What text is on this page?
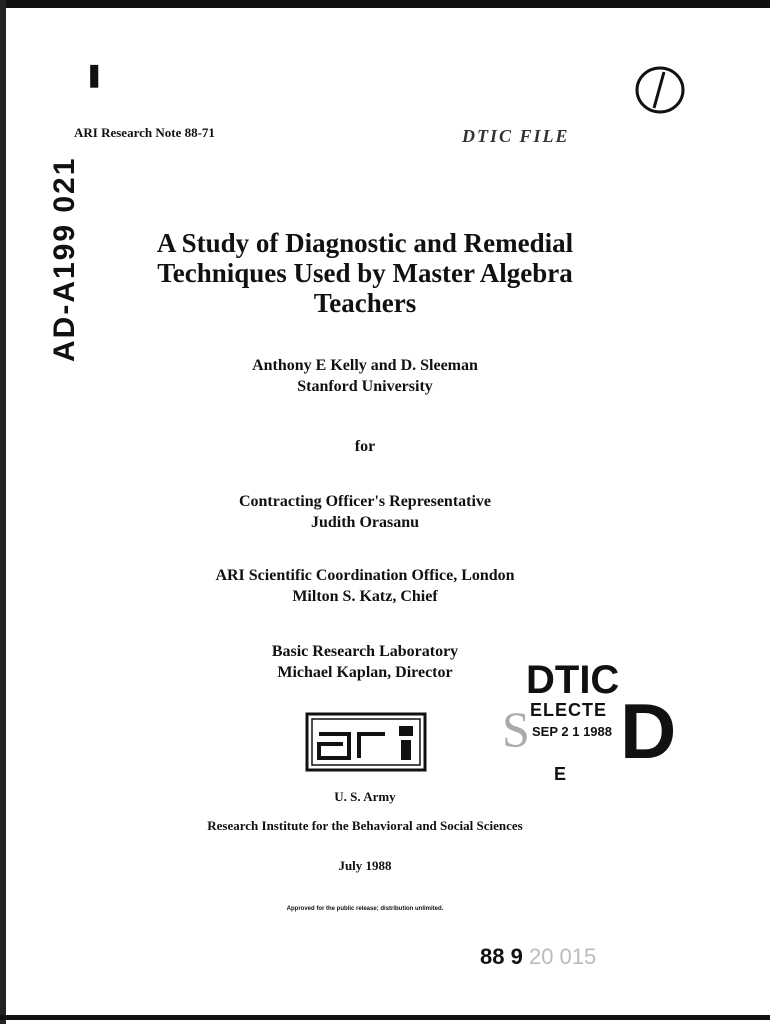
❚
ARI Research Note 88-71	DTIC FILE
AD-A199 021	A Study of Diagnostic and Remedial
Techniques Used by Master Algebra
Teachers
Anthony E Kelly and D. Sleeman
Stanford University
for
Contracting Officer's Representative
Judith Orasanu
ARI Scientific Coordination Office, London
Milton S. Katz, Chief
Basic Research Laboratory
Michael Kaplan, Director
S
DTIC
ELECTE
SEP 2 1 1988 D
E
U. S. Army
Research Institute for the Behavioral and Social Sciences
July 1988
Approved for the public release; distribution unlimited.
88 9 20 015
